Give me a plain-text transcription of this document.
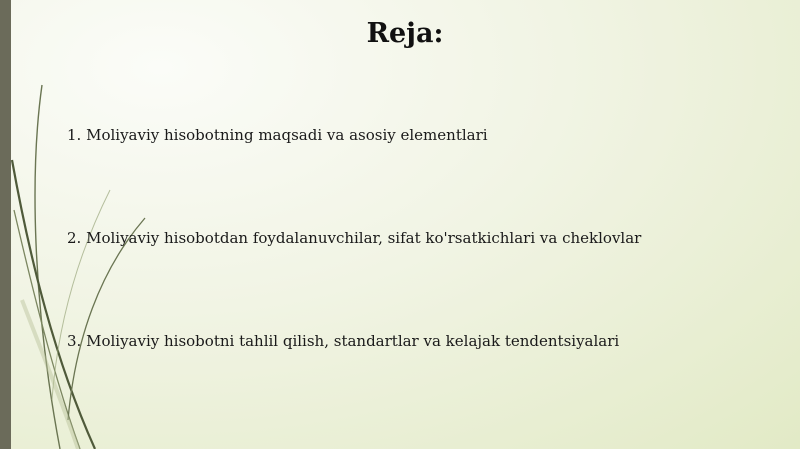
Reja:
1. Moliyaviy hisobotning maqsadi va asosiy elementlari
2. Moliyaviy hisobotdan foydalanuvchilar, sifat ko'rsatkichlari va cheklovlar
3. Moliyaviy hisobotni tahlil qilish, standartlar va kelajak tendentsiyalari
